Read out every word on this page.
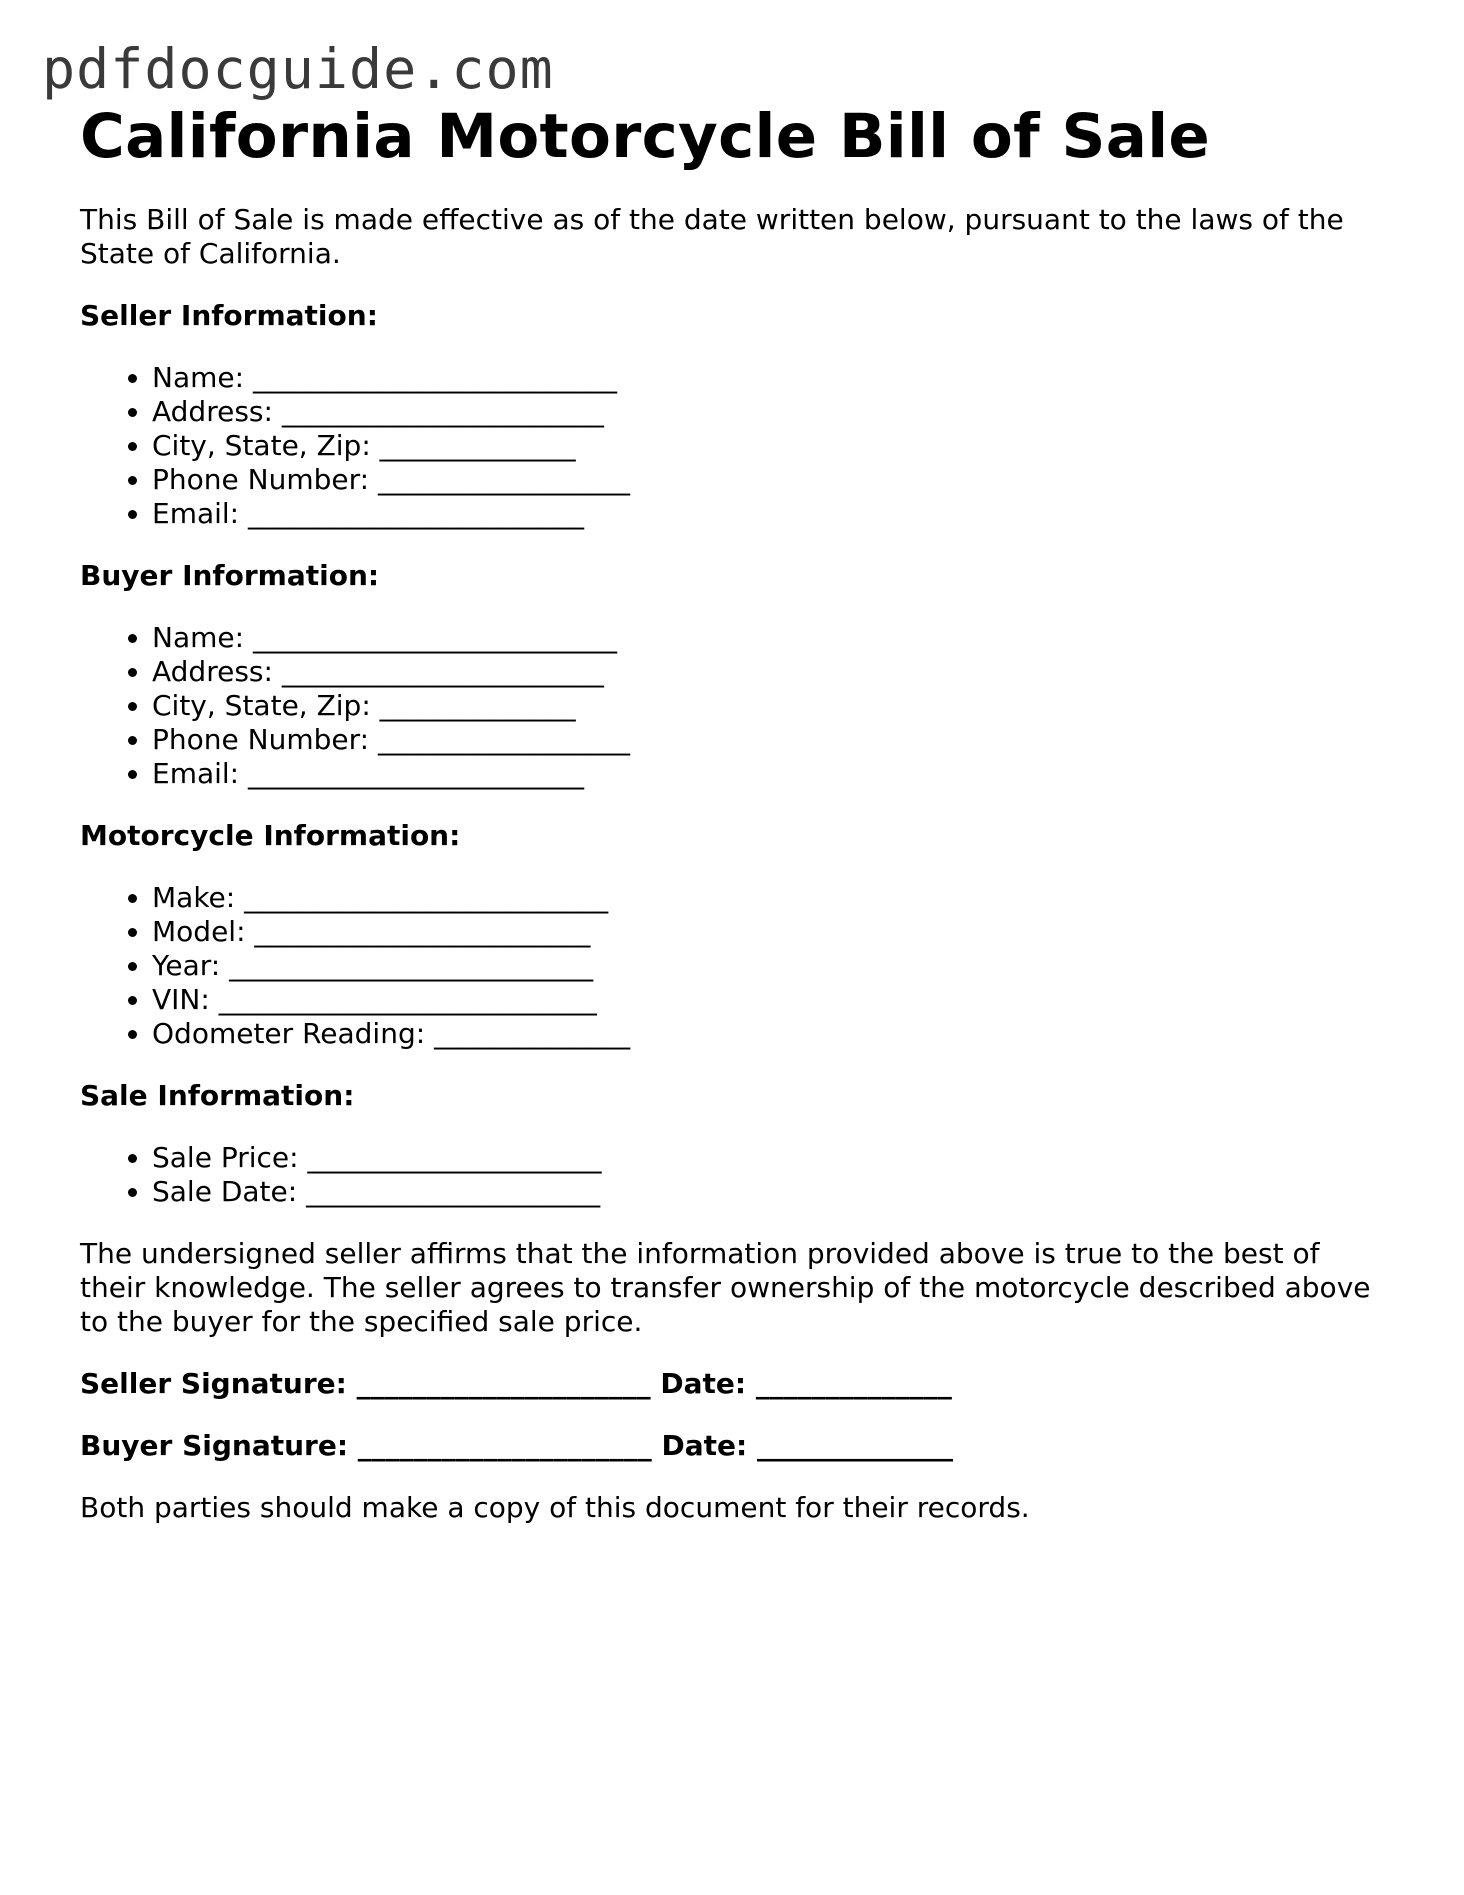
pdfdocguide.com
California Motorcycle Bill of Sale

This Bill of Sale is made effective as of the date written below, pursuant to the laws of the State of California.

Seller Information:
• Name: __________________________
• Address: _______________________
• City, State, Zip: ______________
• Phone Number: __________________
• Email: ________________________
Buyer Information:
• Name: __________________________
• Address: _______________________
• City, State, Zip: ______________
• Phone Number: __________________
• Email: ________________________
Motorcycle Information:
• Make: __________________________
• Model: ________________________
• Year: __________________________
• VIN: ___________________________
• Odometer Reading: ______________
Sale Information:
• Sale Price: _____________________
• Sale Date: _____________________

The undersigned seller affirms that the information provided above is true to the best of their knowledge. The seller agrees to transfer ownership of the motorcycle described above to the buyer for the specified sale price.

Seller Signature: _____________________ Date: ______________
Buyer Signature: _____________________ Date: ______________

Both parties should make a copy of this document for their records.
